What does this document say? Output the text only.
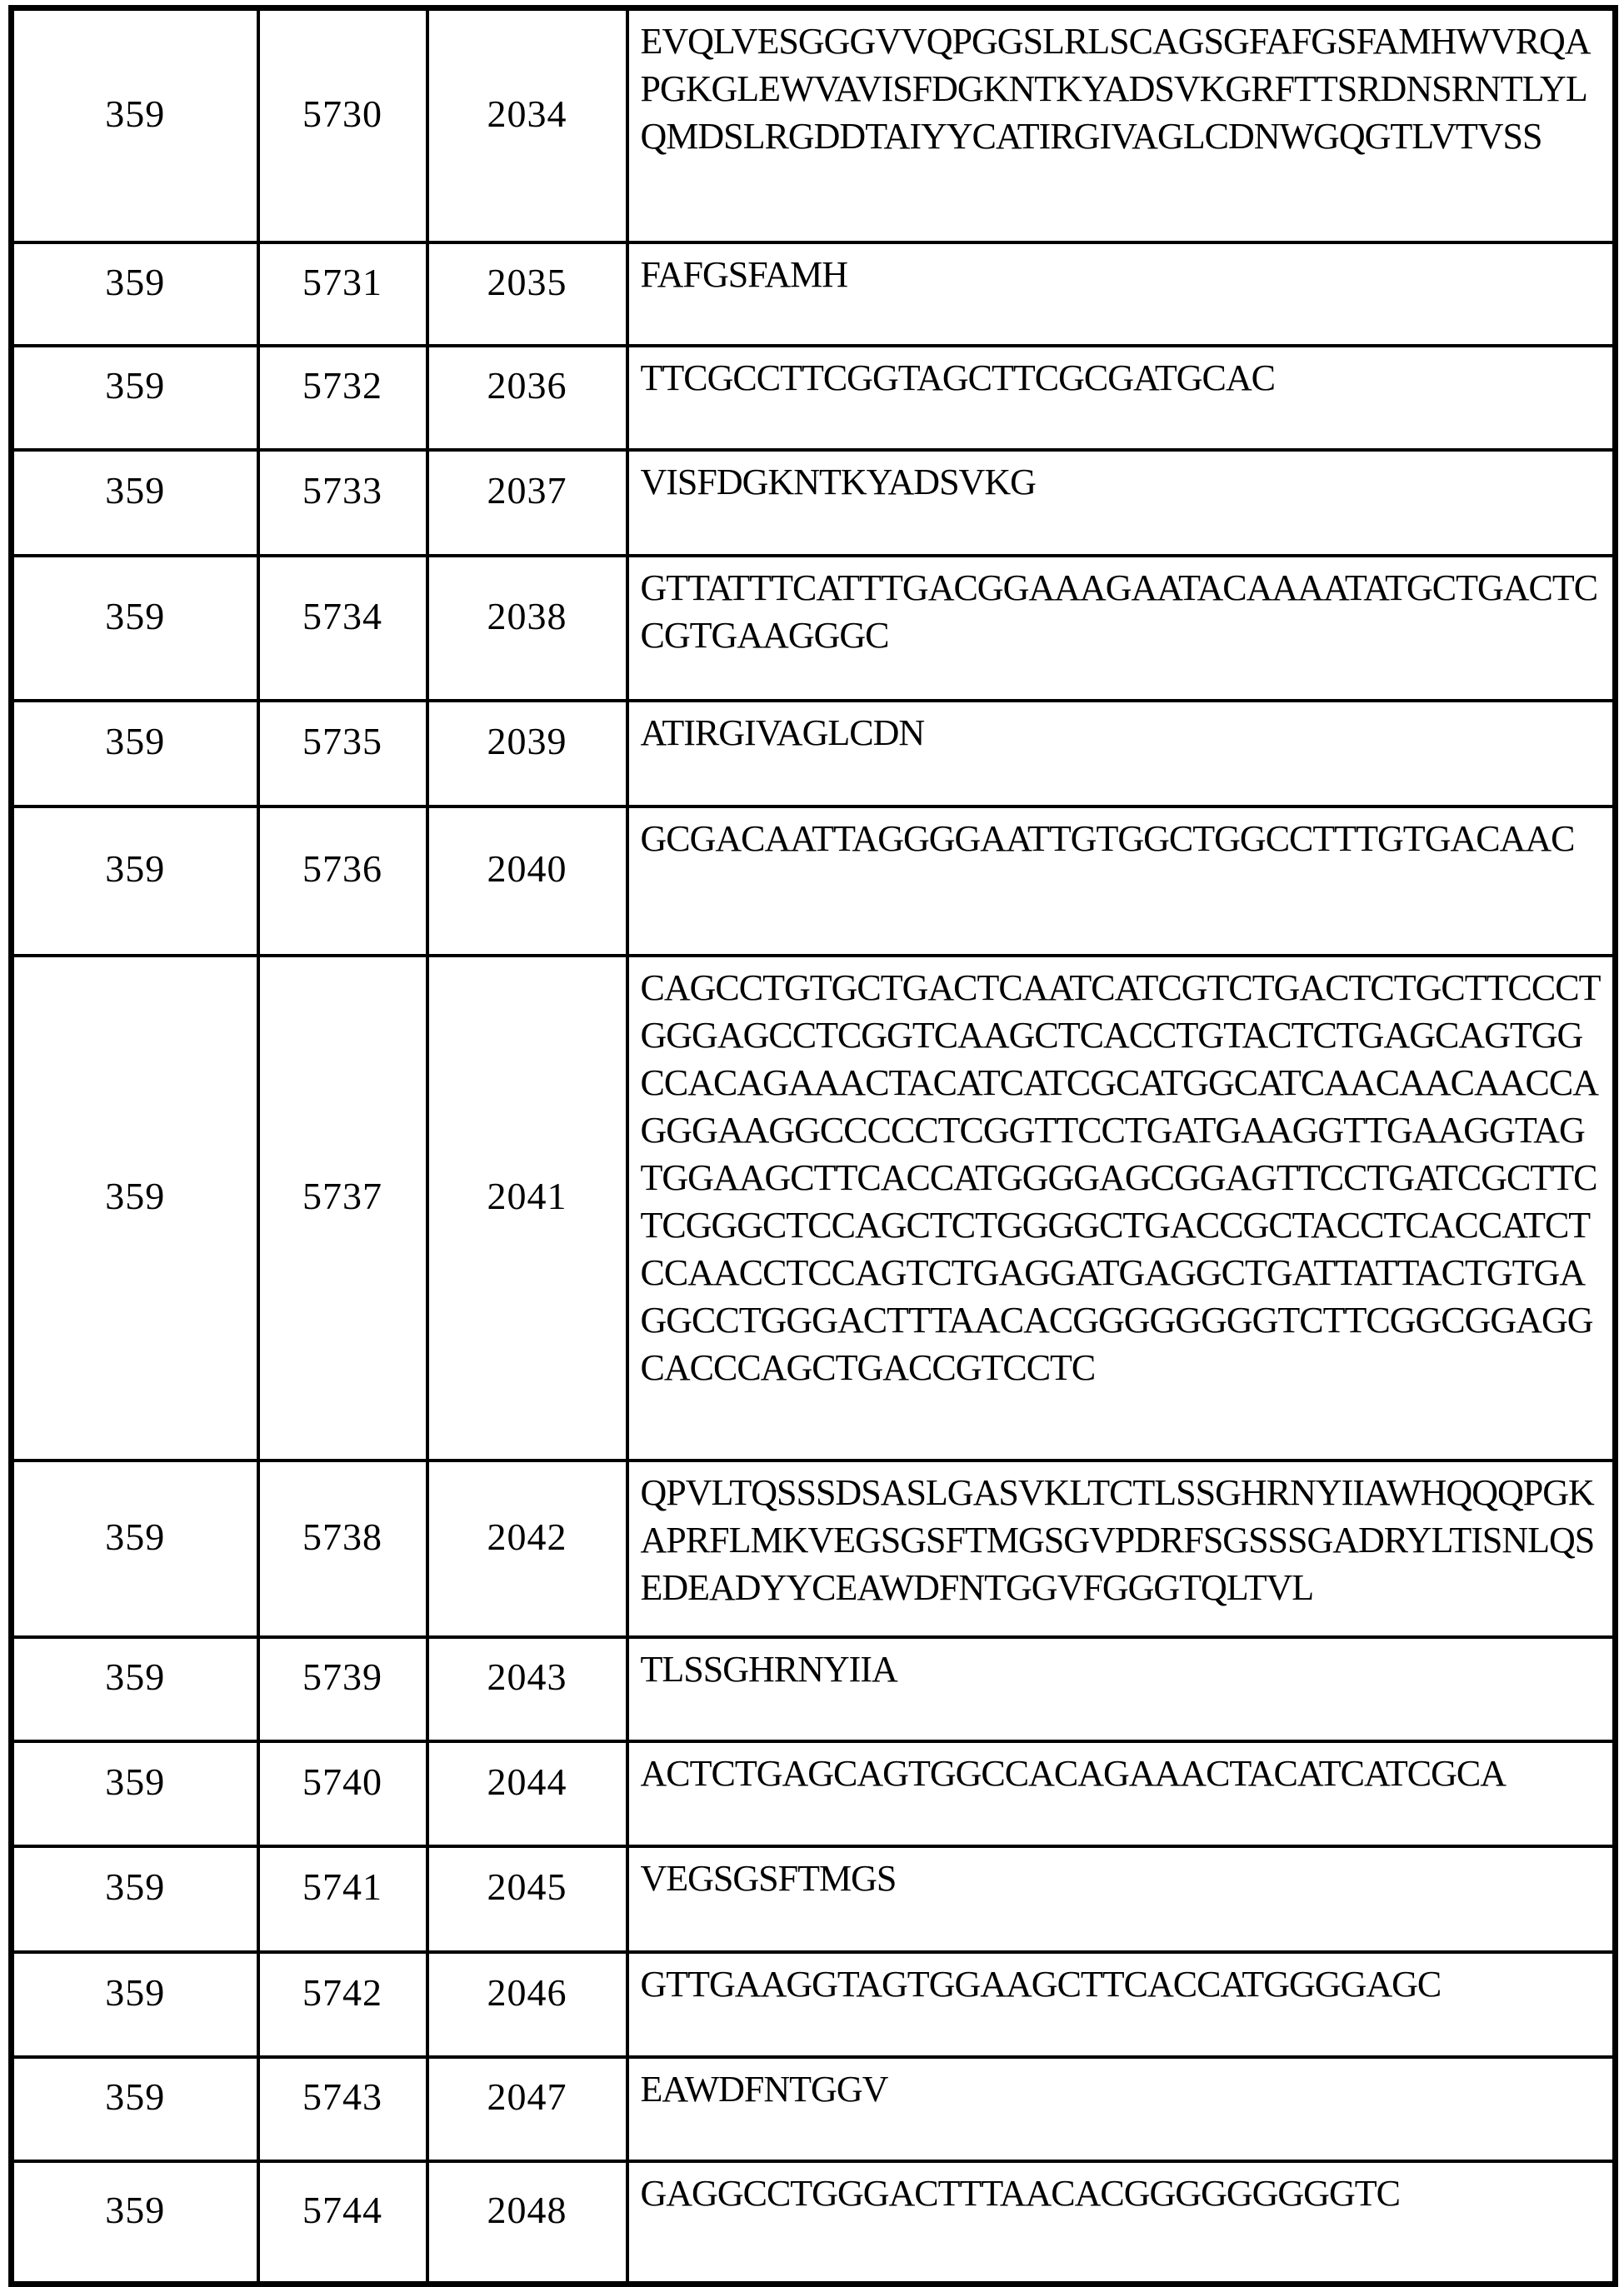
359	5730	2034	EVQLVESGGGVVQPGGSLRLSCAGSGFAFGSFAMHWVRQAPGKGLEWVAVISFDGKNTKYADSVKGRFTTSRDNSRNTLYLQMDSLRGDDTAIYYCATIRGIVAGLCDNWGQGTLVTVSS
359	5731	2035	FAFGSFAMH
359	5732	2036	TTCGCCTTCGGTAGCTTCGCGATGCAC
359	5733	2037	VISFDGKNTKYADSVKG
359	5734	2038	GTTATTTCATTTGACGGAAAGAATACAAAATATGCTGACTCCGTGAAGGGC
359	5735	2039	ATIRGIVAGLCDN
359	5736	2040	GCGACAATTAGGGGAATTGTGGCTGGCCTTTGTGACAAC
359	5737	2041	CAGCCTGTGCTGACTCAATCATCGTCTGACTCTGCTTCCCTGGGAGCCTCGGTCAAGCTCACCTGTACTCTGAGCAGTGGCCACAGAAACTACATCATCGCATGGCATCAACAACAACCAGGGAAGGCCCCCTCGGTTCCTGATGAAGGTTGAAGGTAGTGGAAGCTTCACCATGGGGAGCGGAGTTCCTGATCGCTTCTCGGGCTCCAGCTCTGGGGCTGACCGCTACCTCACCATCTCCAACCTCCAGTCTGAGGATGAGGCTGATTATTACTGTGAGGCCTGGGACTTTAACACGGGGGGGGTCTTCGGCGGAGGCACCCAGCTGACCGTCCTC
359	5738	2042	QPVLTQSSSDSASLGASVKLTCTLSSGHRNYIIAWHQQQPGKAPRFLMKVEGSGSFTMGSGVPDRFSGSSSGADRYLTISNLQSEDEADYYCEAWDFNTGGVFGGGTQLTVL
359	5739	2043	TLSSGHRNYIIA
359	5740	2044	ACTCTGAGCAGTGGCCACAGAAACTACATCATCGCA
359	5741	2045	VEGSGSFTMGS
359	5742	2046	GTTGAAGGTAGTGGAAGCTTCACCATGGGGAGC
359	5743	2047	EAWDFNTGGV
359	5744	2048	GAGGCCTGGGACTTTAACACGGGGGGGGGTC
